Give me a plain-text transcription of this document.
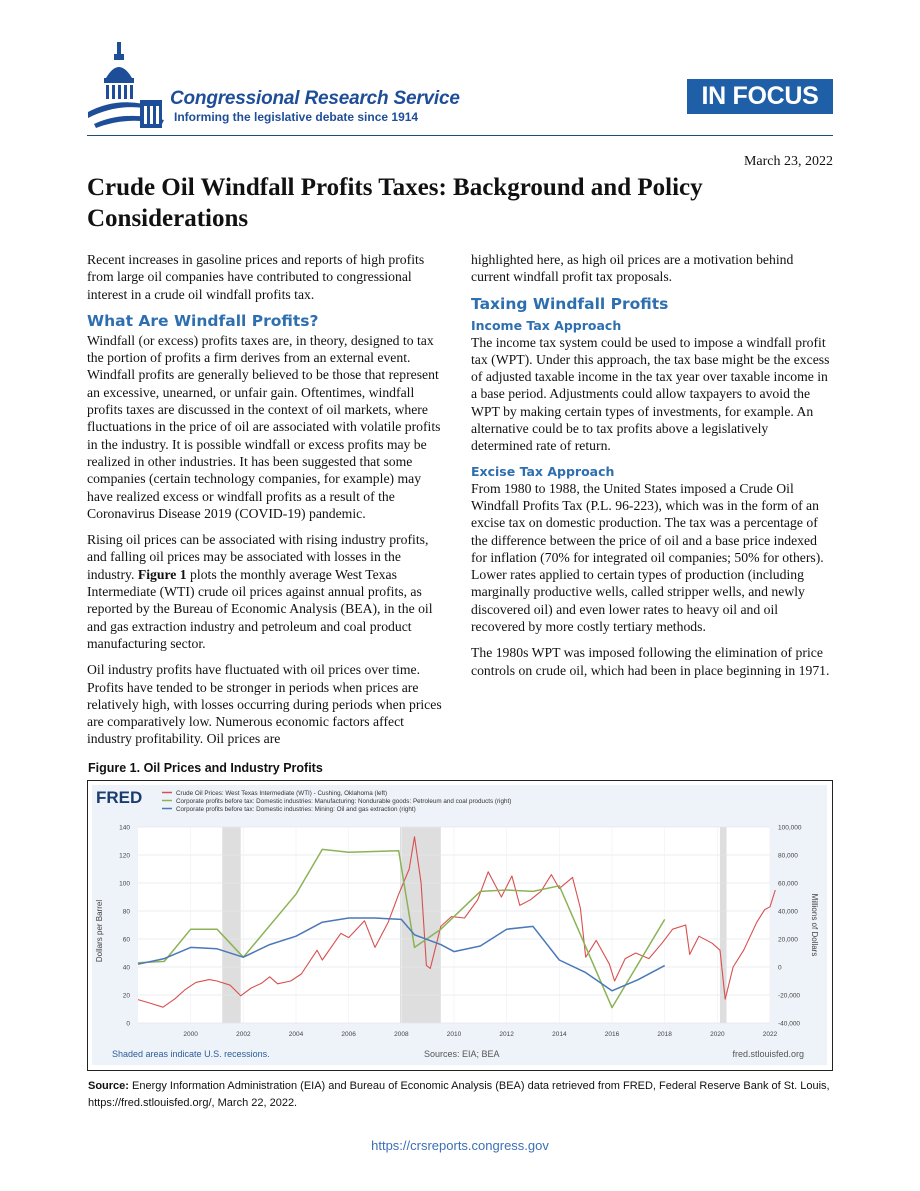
Congressional Research Service
Informing the legislative debate since 1914
IN FOCUS
March 23, 2022
Crude Oil Windfall Profits Taxes: Background and Policy Considerations

Recent increases in gasoline prices and reports of high profits from large oil companies have contributed to congressional interest in a crude oil windfall profits tax.

What Are Windfall Profits?

Windfall (or excess) profits taxes are, in theory, designed to tax the portion of profits a firm derives from an external event. Windfall profits are generally believed to be those that represent an excessive, unearned, or unfair gain. Oftentimes, windfall profits taxes are discussed in the context of oil markets, where fluctuations in the price of oil are associated with volatile profits in the industry. It is possible windfall or excess profits may be realized in other industries. It has been suggested that some companies (certain technology companies, for example) may have realized excess or windfall profits as a result of the Coronavirus Disease 2019 (COVID-19) pandemic.

Rising oil prices can be associated with rising industry profits, and falling oil prices may be associated with losses in the industry. Figure 1 plots the monthly average West Texas Intermediate (WTI) crude oil prices against annual profits, as reported by the Bureau of Economic Analysis (BEA), in the oil and gas extraction industry and petroleum and coal product manufacturing sector.

Oil industry profits have fluctuated with oil prices over time. Profits have tended to be stronger in periods when prices are relatively high, with losses occurring during periods when prices are comparatively low. Numerous economic factors affect industry profitability. Oil prices are

highlighted here, as high oil prices are a motivation behind current windfall profit tax proposals.

Taxing Windfall Profits
Income Tax Approach

The income tax system could be used to impose a windfall profit tax (WPT). Under this approach, the tax base might be the excess of adjusted taxable income in the tax year over taxable income in a base period. Adjustments could allow taxpayers to avoid the WPT by making certain types of investments, for example. An alternative could be to tax profits above a legislatively determined rate of return.

Excise Tax Approach

From 1980 to 1988, the United States imposed a Crude Oil Windfall Profits Tax (P.L. 96-223), which was in the form of an excise tax on domestic production. The tax was a percentage of the difference between the price of oil and a base price indexed for inflation (70% for integrated oil companies; 50% for others). Lower rates applied to certain types of production (including marginally productive wells, called stripper wells, and newly discovered oil) and even lower rates to heavy oil and oil recovered by more costly tertiary methods.

The 1980s WPT was imposed following the elimination of price controls on crude oil, which had been in place beginning in 1971.

Figure 1. Oil Prices and Industry Profits
FRED	Crude Oil Prices: West Texas Intermediate (WTI) - Cushing, Oklahoma (left)
Corporate profits before tax: Domestic industries: Manufacturing: Nondurable goods: Petroleum and coal products (right)
Corporate profits before tax: Domestic industries: Mining: Oil and gas extraction (right)
0
20
40
60
80
100
120
140
-40,000
-20,000
0
20,000
40,000
60,000
80,000
100,000
2000	2002	2004	2006	2008	2010	2012	2014	2016	2018	2020	2022
Dollars per Barrel	Millions of Dollars
Shaded areas indicate U.S. recessions.	Sources: EIA; BEA	fred.stlouisfed.org
Source: Energy Information Administration (EIA) and Bureau of Economic Analysis (BEA) data retrieved from FRED, Federal Reserve Bank of St. Louis, https://fred.stlouisfed.org/, March 22, 2022.
https://crsreports.congress.gov
